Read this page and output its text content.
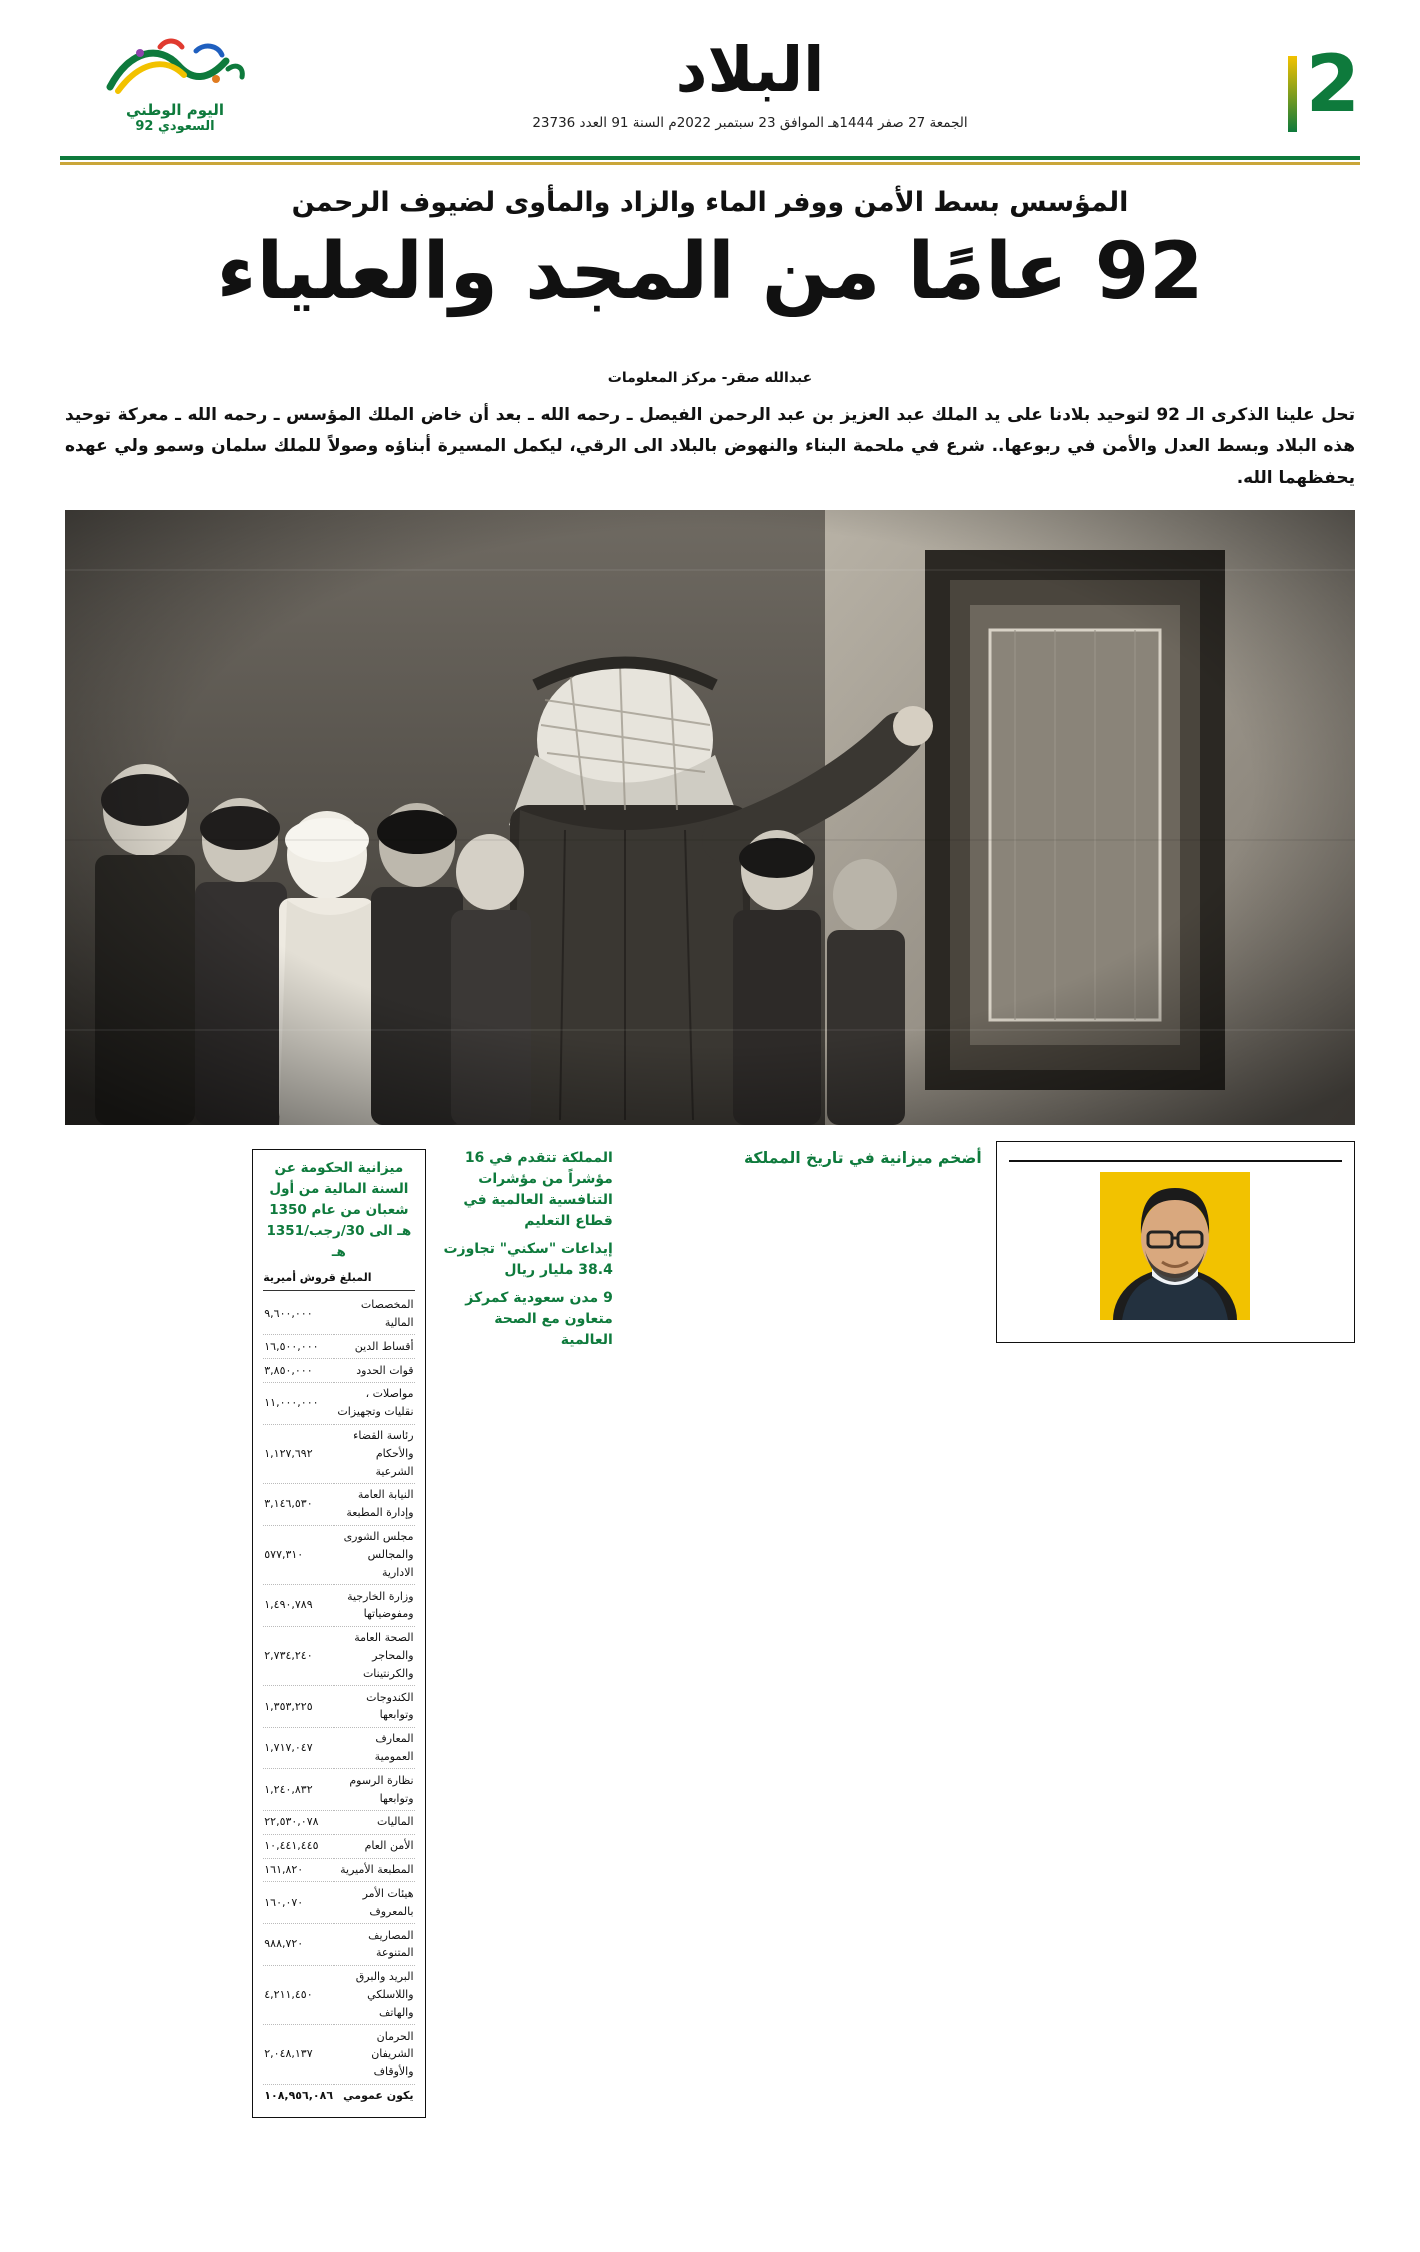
2
البلاد
الجمعة 27 صفر 1444هـ الموافق 23 سبتمبر 2022م السنة 91 العدد 23736
اليوم الوطني
السعودي 92
المؤسس بسط الأمن ووفر الماء والزاد والمأوى لضيوف الرحمن
92 عامًا من المجد والعلياء
عبدالله صقر- مركز المعلومات
تحل علينا الذكرى الـ 92 لتوحيد بلادنا على يد الملك عبد العزيز بن عبد الرحمن الفيصل ـ رحمه الله ـ بعد أن خاض الملك المؤسس ـ رحمه الله ـ معركة توحيد هذه البلاد وبسط العدل والأمن في ربوعها.. شرع في ملحمة البناء والنهوض بالبلاد الى الرقي، ليكمل المسيرة أبناؤه وصولاً للملك سلمان وسمو ولي عهده يحفظهما الله.

أضخم ميزانية في تاريخ المملكة

المملكة تتقدم في 16 مؤشراً من مؤشرات التنافسية العالمية في قطاع التعليم

إيداعات "سكني" تجاوزت 38.4 مليار ريال

9 مدن سعودية كمركز متعاون مع الصحة العالمية

ميزانية الحكومة عن السنة المالية من أول شعبان من عام 1350 هـ الى 30/رجب/1351 هـ
المبلغ قروش أميرية
المخصصات المالية	٩,٦٠٠,٠٠٠
أقساط الدين	١٦,٥٠٠,٠٠٠
قوات الحدود	٣,٨٥٠,٠٠٠
مواصلات ، نقليات وتجهيزات	١١,٠٠٠,٠٠٠
رئاسة القضاء والأحكام الشرعية	١,١٢٧,٦٩٢
النيابة العامة وإدارة المطبعة	٣,١٤٦,٥٣٠
مجلس الشورى والمجالس الادارية	٥٧٧,٣١٠
وزارة الخارجية ومفوضياتها	١,٤٩٠,٧٨٩
الصحة العامة والمحاجر والكرنتينات	٢,٧٣٤,٢٤٠
الكندوجات وتوابعها	١,٣٥٣,٢٢٥
المعارف العمومية	١,٧١٧,٠٤٧
نظارة الرسوم وتوابعها	١,٢٤٠,٨٣٢
الماليات	٢٢,٥٣٠,٠٧٨
الأمن العام	١٠,٤٤١,٤٤٥
المطبعة الأميرية	١٦١,٨٢٠
هيئات الأمر بالمعروف	١٦٠,٠٧٠
المصاريف المتنوعة	٩٨٨,٧٢٠
البريد والبرق واللاسلكي والهاتف	٤,٢١١,٤٥٠
الحرمان الشريفان والأوقاف	٢,٠٤٨,١٣٧
يكون عمومي	١٠٨,٩٥٦,٠٨٦
